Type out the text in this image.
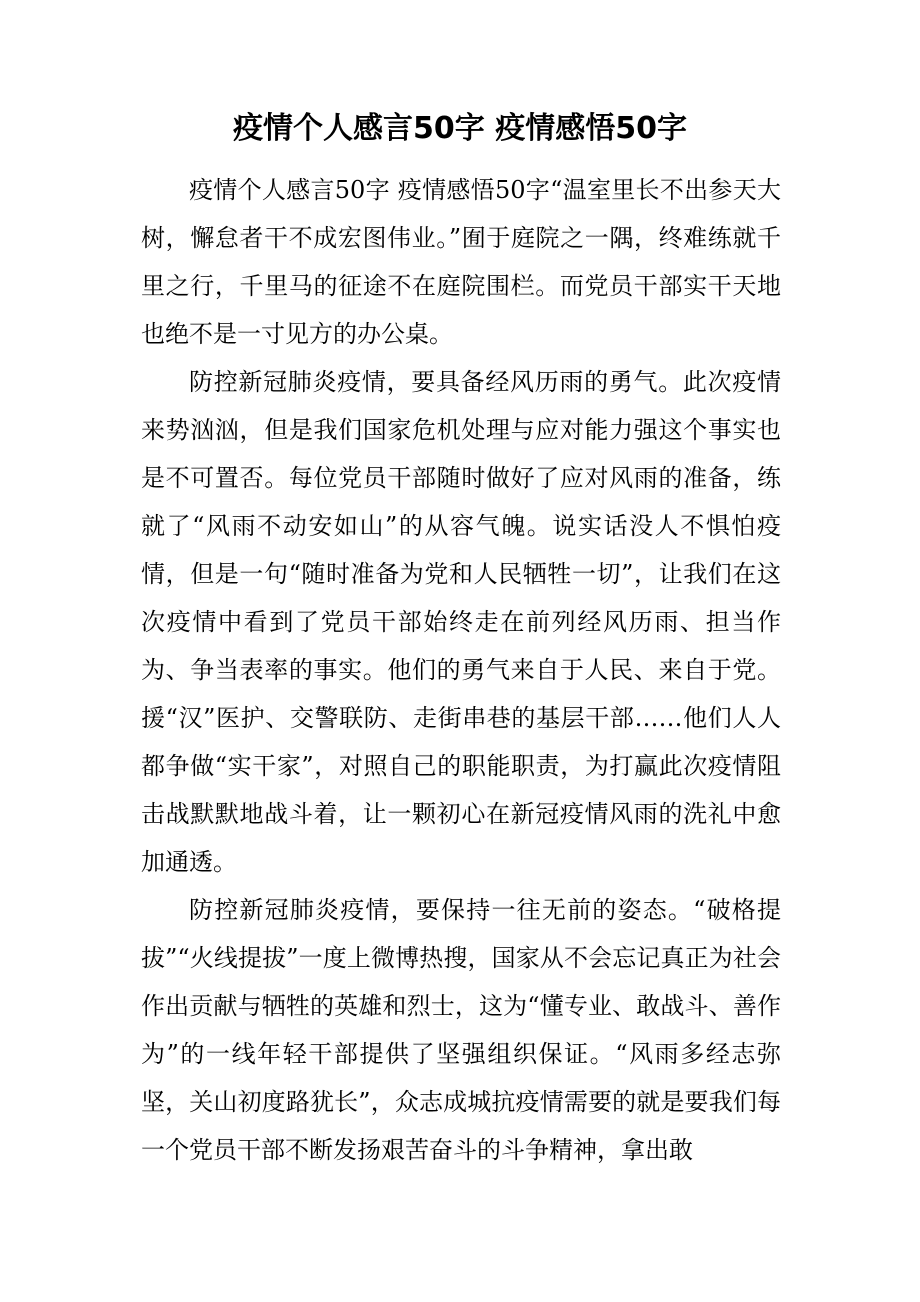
疫情个人感言50字 疫情感悟50字

疫情个人感言50字 疫情感悟50字“温室里长不出参天大树，懈怠者干不成宏图伟业。”囿于庭院之一隅，终难练就千里之行，千里马的征途不在庭院围栏。而党员干部实干天地也绝不是一寸见方的办公桌。

防控新冠肺炎疫情，要具备经风历雨的勇气。此次疫情来势汹汹，但是我们国家危机处理与应对能力强这个事实也是不可置否。每位党员干部随时做好了应对风雨的准备，练就了“风雨不动安如山”的从容气魄。说实话没人不惧怕疫情，但是一句“随时准备为党和人民牺牲一切”，让我们在这次疫情中看到了党员干部始终走在前列经风历雨、担当作为、争当表率的事实。他们的勇气来自于人民、来自于党。援“汉”医护、交警联防、走街串巷的基层干部……他们人人都争做“实干家”，对照自己的职能职责，为打赢此次疫情阻击战默默地战斗着，让一颗初心在新冠疫情风雨的洗礼中愈加通透。

防控新冠肺炎疫情，要保持一往无前的姿态。“破格提拔”“火线提拔”一度上微博热搜，国家从不会忘记真正为社会作出贡献与牺牲的英雄和烈士，这为“懂专业、敢战斗、善作为”的一线年轻干部提供了坚强组织保证。“风雨多经志弥坚，关山初度路犹长”，众志成城抗疫情需要的就是要我们每一个党员干部不断发扬艰苦奋斗的斗争精神，拿出敢
